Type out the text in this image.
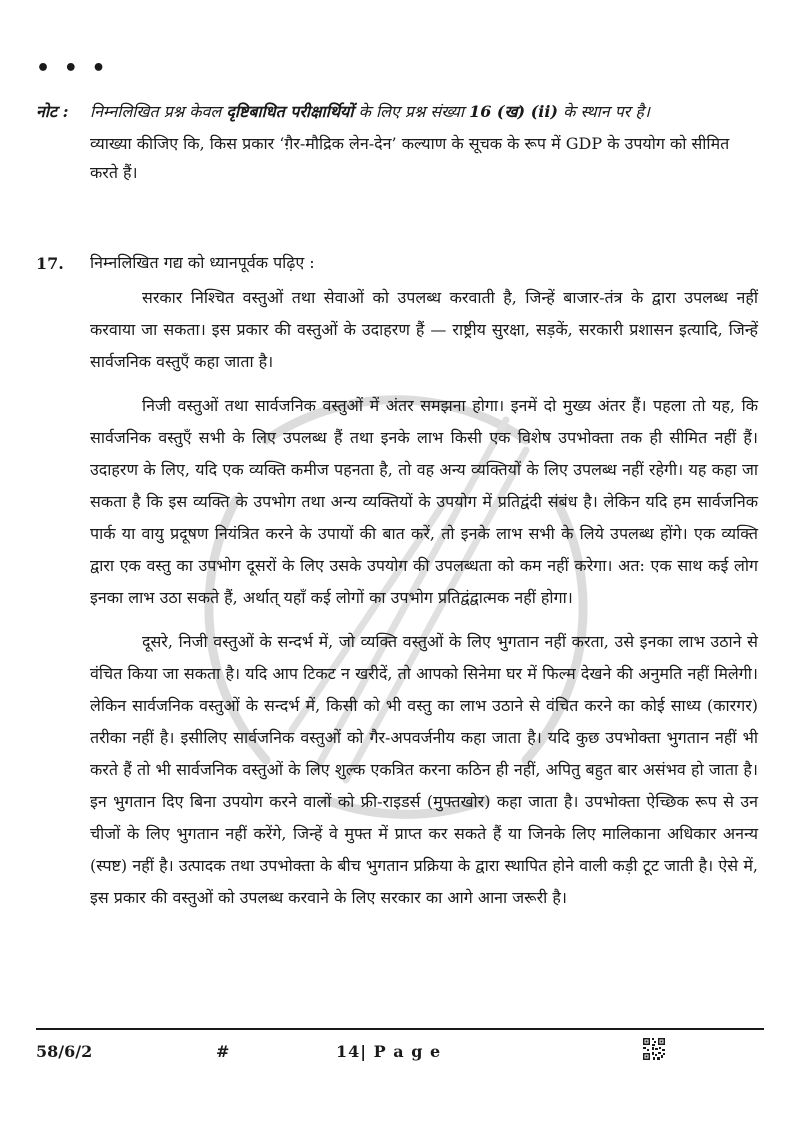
• • •
नोट : निम्नलिखित प्रश्न केवल दृष्टिबाधित परीक्षार्थियों के लिए प्रश्न संख्या 16 (ख) (ii) के स्थान पर है।

व्याख्या कीजिए कि, किस प्रकार ‘ग़ैर-मौद्रिक लेन-देन’ कल्याण के सूचक के रूप में GDP के उपयोग को सीमित करते हैं।

17. निम्नलिखित गद्य को ध्यानपूर्वक पढ़िए :

सरकार निश्चित वस्तुओं तथा सेवाओं को उपलब्ध करवाती है, जिन्हें बाजार-तंत्र के द्वारा उपलब्ध नहीं करवाया जा सकता। इस प्रकार की वस्तुओं के उदाहरण हैं — राष्ट्रीय सुरक्षा, सड़कें, सरकारी प्रशासन इत्यादि, जिन्हें सार्वजनिक वस्तुएँ कहा जाता है।

निजी वस्तुओं तथा सार्वजनिक वस्तुओं में अंतर समझना होगा। इनमें दो मुख्य अंतर हैं। पहला तो यह, कि सार्वजनिक वस्तुएँ सभी के लिए उपलब्ध हैं तथा इनके लाभ किसी एक विशेष उपभोक्ता तक ही सीमित नहीं हैं। उदाहरण के लिए, यदि एक व्यक्ति कमीज पहनता है, तो वह अन्य व्यक्तियों के लिए उपलब्ध नहीं रहेगी। यह कहा जा सकता है कि इस व्यक्ति के उपभोग तथा अन्य व्यक्तियों के उपयोग में प्रतिद्वंदी संबंध है। लेकिन यदि हम सार्वजनिक पार्क या वायु प्रदूषण नियंत्रित करने के उपायों की बात करें, तो इनके लाभ सभी के लिये उपलब्ध होंगे। एक व्यक्ति द्वारा एक वस्तु का उपभोग दूसरों के लिए उसके उपयोग की उपलब्धता को कम नहीं करेगा। अत: एक साथ कई लोग इनका लाभ उठा सकते हैं, अर्थात् यहाँ कई लोगों का उपभोग प्रतिद्वंद्वात्मक नहीं होगा।

दूसरे, निजी वस्तुओं के सन्दर्भ में, जो व्यक्ति वस्तुओं के लिए भुगतान नहीं करता, उसे इनका लाभ उठाने से वंचित किया जा सकता है। यदि आप टिकट न खरीदें, तो आपको सिनेमा घर में फिल्म देखने की अनुमति नहीं मिलेगी। लेकिन सार्वजनिक वस्तुओं के सन्दर्भ में, किसी को भी वस्तु का लाभ उठाने से वंचित करने का कोई साध्य (कारगर) तरीका नहीं है। इसीलिए सार्वजनिक वस्तुओं को गैर-अपवर्जनीय कहा जाता है। यदि कुछ उपभोक्ता भुगतान नहीं भी करते हैं तो भी सार्वजनिक वस्तुओं के लिए शुल्क एकत्रित करना कठिन ही नहीं, अपितु बहुत बार असंभव हो जाता है। इन भुगतान दिए बिना उपयोग करने वालों को फ्री-राइडर्स (मुफ्तखोर) कहा जाता है। उपभोक्ता ऐच्छिक रूप से उन चीजों के लिए भुगतान नहीं करेंगे, जिन्हें वे मुफ्त में प्राप्त कर सकते हैं या जिनके लिए मालिकाना अधिकार अनन्य (स्पष्ट) नहीं है। उत्पादक तथा उपभोक्ता के बीच भुगतान प्रक्रिया के द्वारा स्थापित होने वाली कड़ी टूट जाती है। ऐसे में, इस प्रकार की वस्तुओं को उपलब्ध करवाने के लिए सरकार का आगे आना जरूरी है।

58/6/2	#	14| P a g e
